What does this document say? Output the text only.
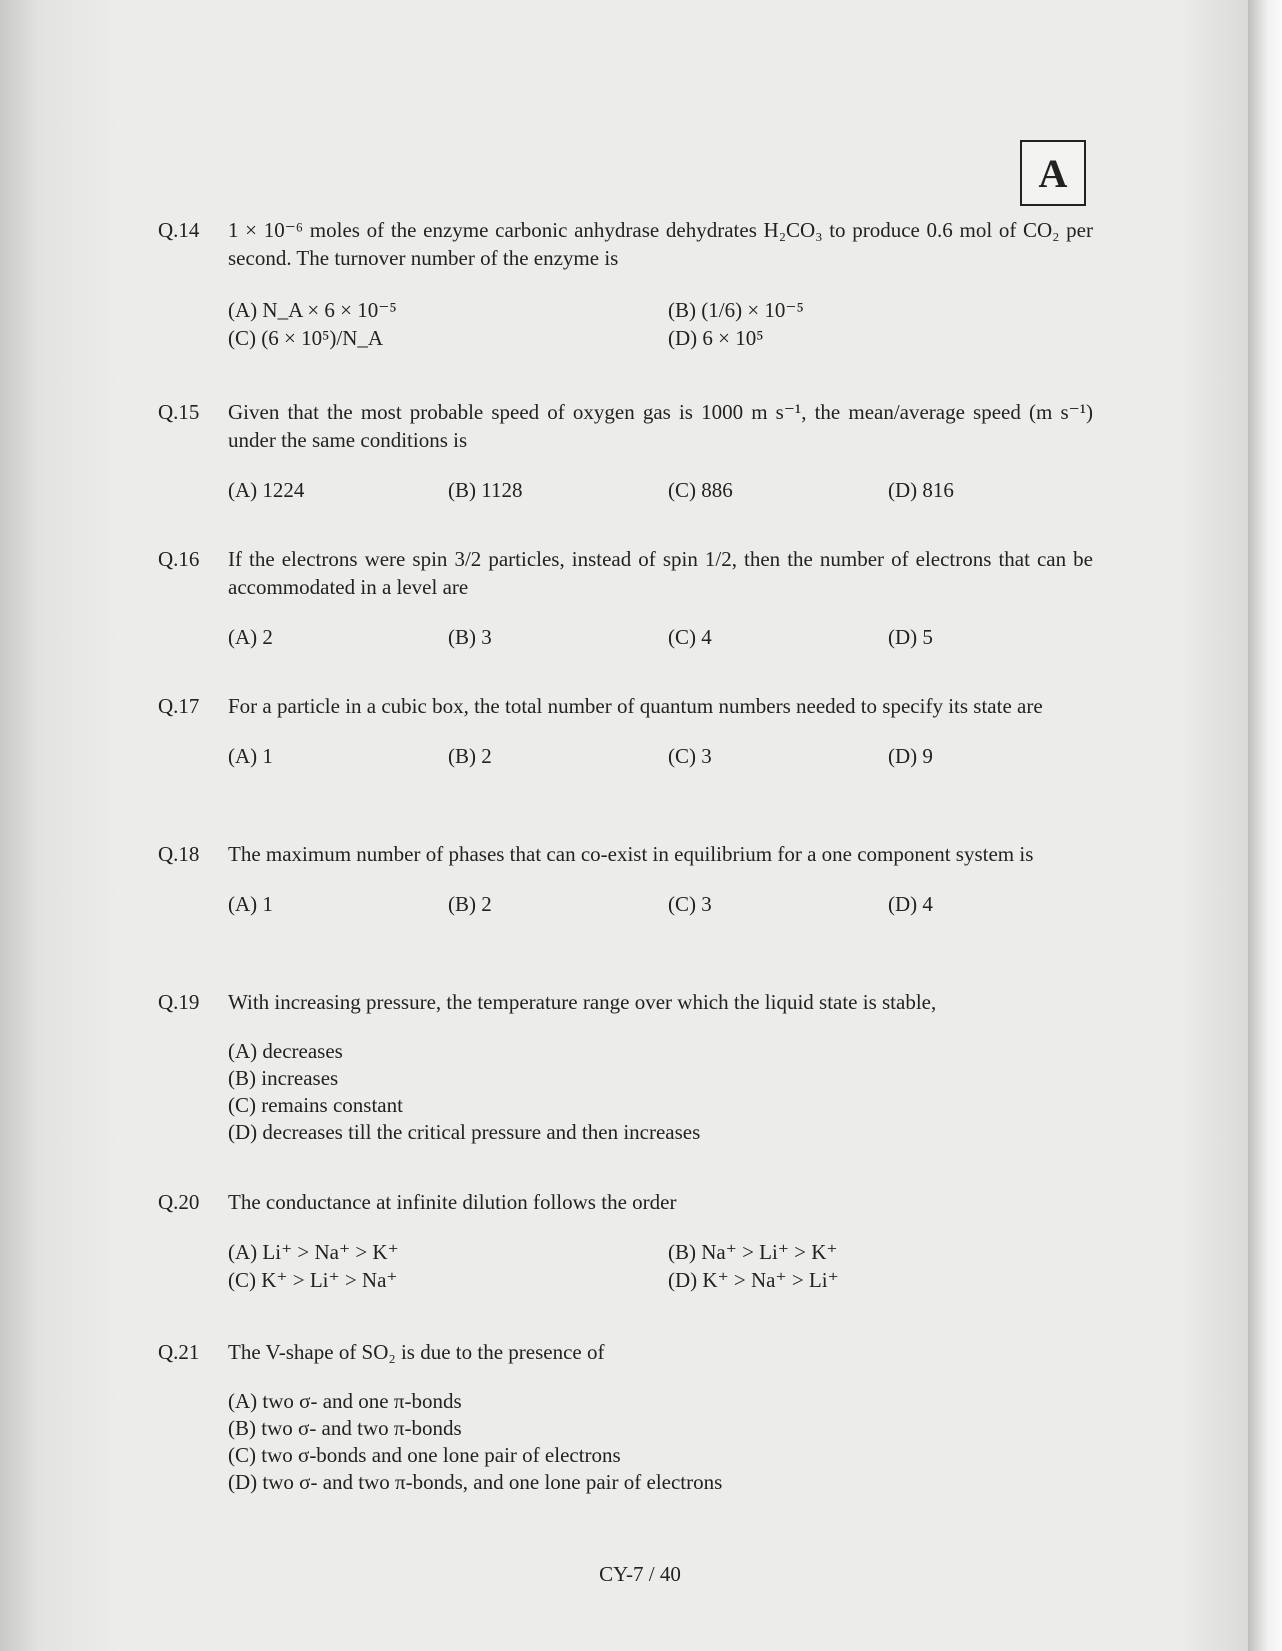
A
Q.14	1 × 10⁻⁶ moles of the enzyme carbonic anhydrase dehydrates H₂CO₃ to produce 0.6 mol of CO₂ per second. The turnover number of the enzyme is
(A) N_A × 6 × 10⁻⁵	(B) (1/6) × 10⁻⁵
(C) (6 × 10⁵)/N_A	(D) 6 × 10⁵
Q.15	Given that the most probable speed of oxygen gas is 1000 m s⁻¹, the mean/average speed (m s⁻¹) under the same conditions is
(A) 1224	(B) 1128	(C) 886	(D) 816
Q.16	If the electrons were spin 3/2 particles, instead of spin 1/2, then the number of electrons that can be accommodated in a level are
(A) 2	(B) 3	(C) 4	(D) 5
Q.17	For a particle in a cubic box, the total number of quantum numbers needed to specify its state are
(A) 1	(B) 2	(C) 3	(D) 9
Q.18	The maximum number of phases that can co-exist in equilibrium for a one component system is
(A) 1	(B) 2	(C) 3	(D) 4
Q.19	With increasing pressure, the temperature range over which the liquid state is stable,
(A) decreases
(B) increases
(C) remains constant
(D) decreases till the critical pressure and then increases
Q.20	The conductance at infinite dilution follows the order
(A) Li⁺ > Na⁺ > K⁺	(B) Na⁺ > Li⁺ > K⁺
(C) K⁺ > Li⁺ > Na⁺	(D) K⁺ > Na⁺ > Li⁺
Q.21	The V-shape of SO₂ is due to the presence of
(A) two σ- and one π-bonds
(B) two σ- and two π-bonds
(C) two σ-bonds and one lone pair of electrons
(D) two σ- and two π-bonds, and one lone pair of electrons
CY-7 / 40
